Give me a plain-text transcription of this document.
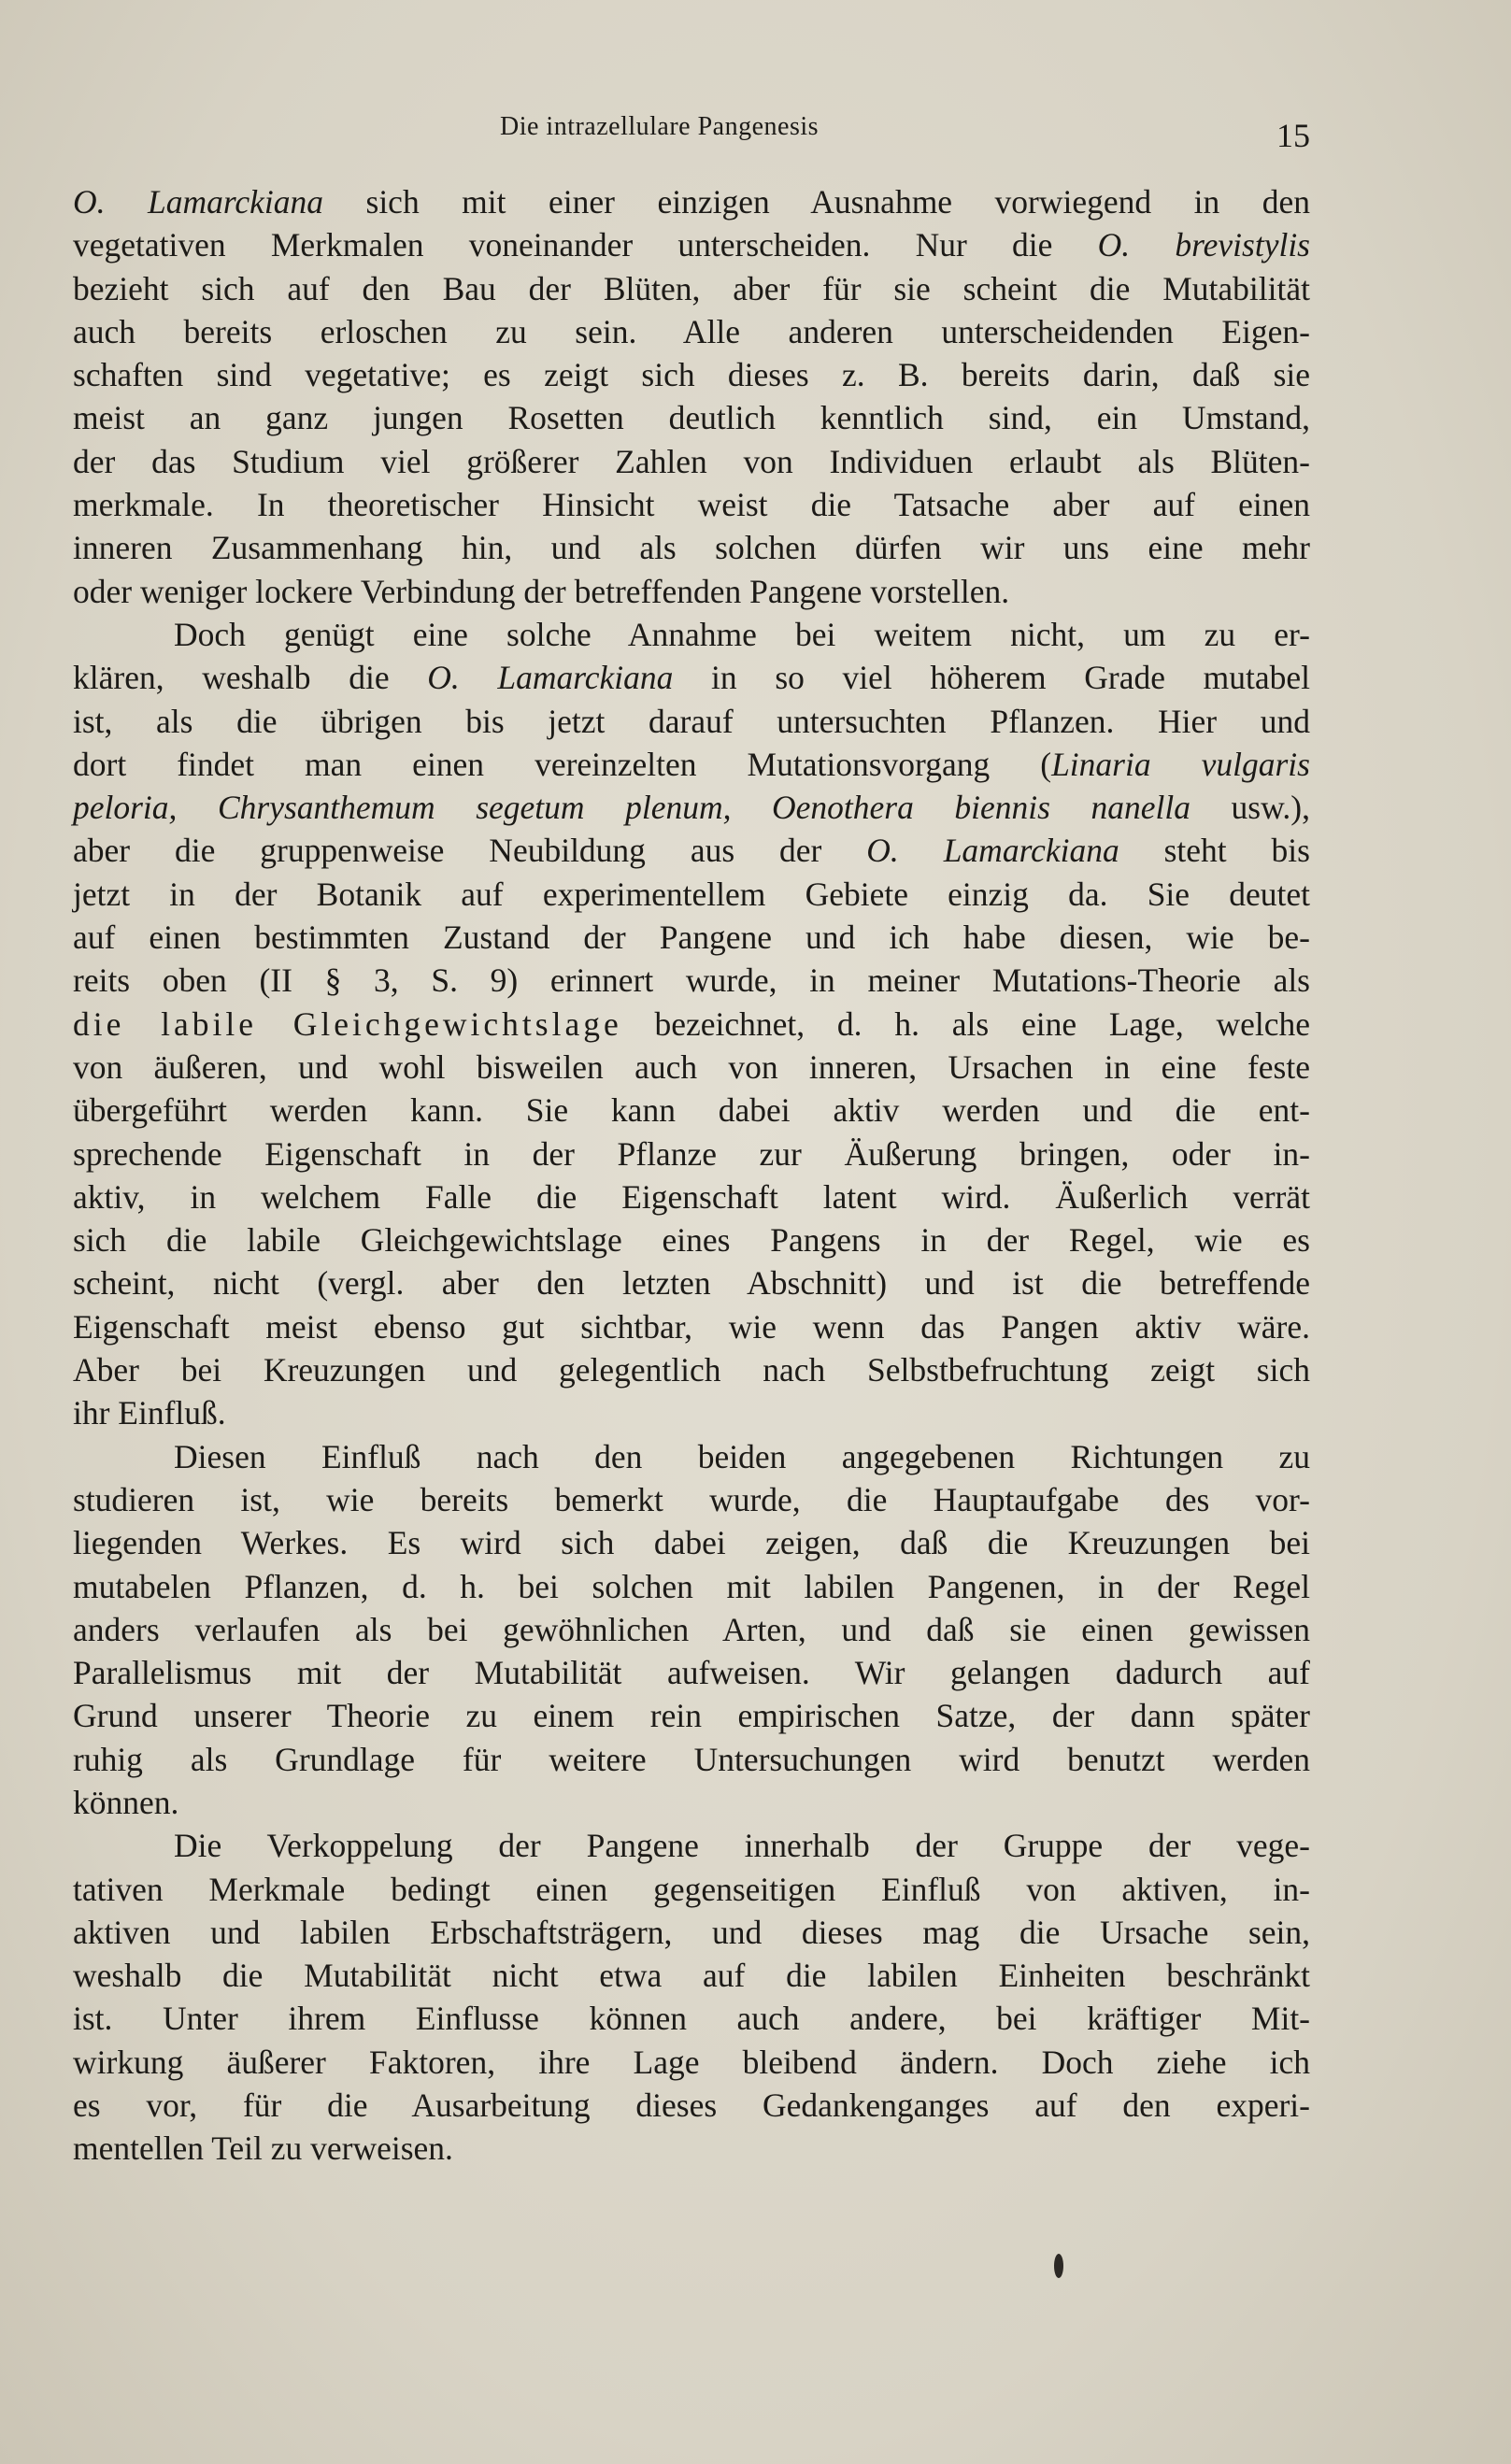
Die intrazellulare Pangenesis	15
O. Lamarckiana sich mit einer einzigen Ausnahme vorwiegend in den
vegetativen Merkmalen voneinander unterscheiden. Nur die O. brevistylis
bezieht sich auf den Bau der Blüten, aber für sie scheint die Mutabilität
auch bereits erloschen zu sein. Alle anderen unterscheidenden Eigen-
schaften sind vegetative; es zeigt sich dieses z. B. bereits darin, daß sie
meist an ganz jungen Rosetten deutlich kenntlich sind, ein Umstand,
der das Studium viel größerer Zahlen von Individuen erlaubt als Blüten-
merkmale. In theoretischer Hinsicht weist die Tatsache aber auf einen
inneren Zusammenhang hin, und als solchen dürfen wir uns eine mehr
oder weniger lockere Verbindung der betreffenden Pangene vorstellen.
Doch genügt eine solche Annahme bei weitem nicht, um zu er-
klären, weshalb die O. Lamarckiana in so viel höherem Grade mutabel
ist, als die übrigen bis jetzt darauf untersuchten Pflanzen. Hier und
dort findet man einen vereinzelten Mutationsvorgang (Linaria vulgaris
peloria, Chrysanthemum segetum plenum, Oenothera biennis nanella usw.),
aber die gruppenweise Neubildung aus der O. Lamarckiana steht bis
jetzt in der Botanik auf experimentellem Gebiete einzig da. Sie deutet
auf einen bestimmten Zustand der Pangene und ich habe diesen, wie be-
reits oben (II § 3, S. 9) erinnert wurde, in meiner Mutations-Theorie als
die labile Gleichgewichtslage bezeichnet, d. h. als eine Lage, welche
von äußeren, und wohl bisweilen auch von inneren, Ursachen in eine feste
übergeführt werden kann. Sie kann dabei aktiv werden und die ent-
sprechende Eigenschaft in der Pflanze zur Äußerung bringen, oder in-
aktiv, in welchem Falle die Eigenschaft latent wird. Äußerlich verrät
sich die labile Gleichgewichtslage eines Pangens in der Regel, wie es
scheint, nicht (vergl. aber den letzten Abschnitt) und ist die betreffende
Eigenschaft meist ebenso gut sichtbar, wie wenn das Pangen aktiv wäre.
Aber bei Kreuzungen und gelegentlich nach Selbstbefruchtung zeigt sich
ihr Einfluß.
Diesen Einfluß nach den beiden angegebenen Richtungen zu
studieren ist, wie bereits bemerkt wurde, die Hauptaufgabe des vor-
liegenden Werkes. Es wird sich dabei zeigen, daß die Kreuzungen bei
mutabelen Pflanzen, d. h. bei solchen mit labilen Pangenen, in der Regel
anders verlaufen als bei gewöhnlichen Arten, und daß sie einen gewissen
Parallelismus mit der Mutabilität aufweisen. Wir gelangen dadurch auf
Grund unserer Theorie zu einem rein empirischen Satze, der dann später
ruhig als Grundlage für weitere Untersuchungen wird benutzt werden
können.
Die Verkoppelung der Pangene innerhalb der Gruppe der vege-
tativen Merkmale bedingt einen gegenseitigen Einfluß von aktiven, in-
aktiven und labilen Erbschaftsträgern, und dieses mag die Ursache sein,
weshalb die Mutabilität nicht etwa auf die labilen Einheiten beschränkt
ist. Unter ihrem Einflusse können auch andere, bei kräftiger Mit-
wirkung äußerer Faktoren, ihre Lage bleibend ändern. Doch ziehe ich
es vor, für die Ausarbeitung dieses Gedankenganges auf den experi-
mentellen Teil zu verweisen.
